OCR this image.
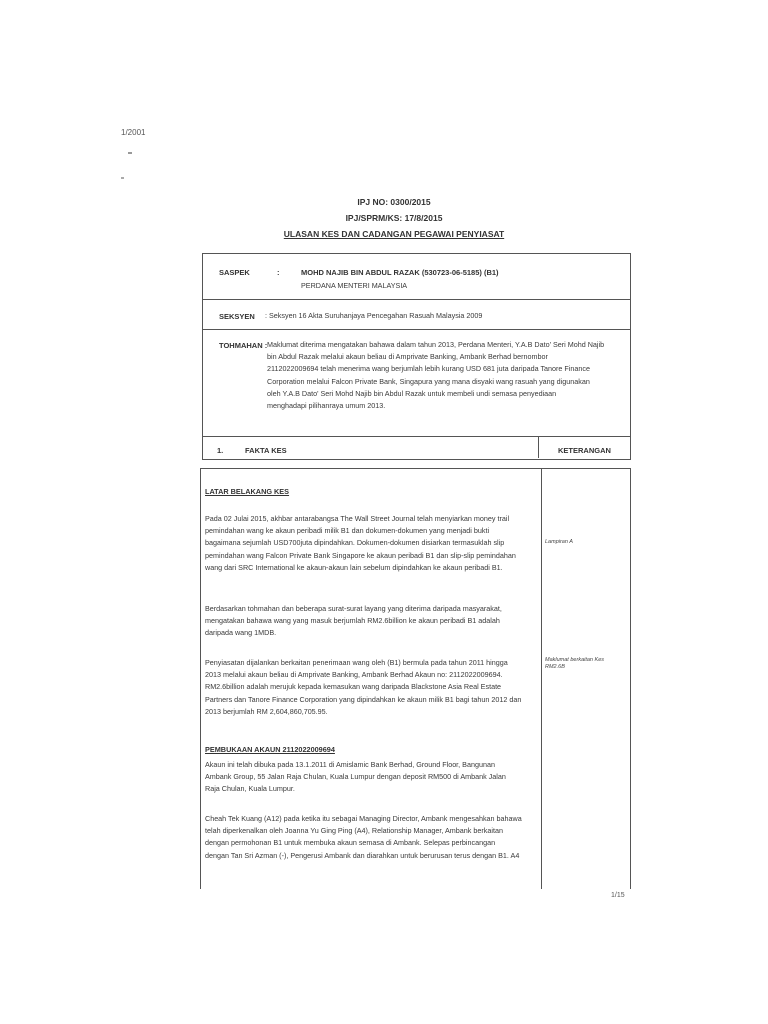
1/2001
IPJ NO: 0300/2015
IPJ/SPRM/KS: 17/8/2015
ULASAN KES DAN CADANGAN PEGAWAI PENYIASAT
SASPEK	:	MOHD NAJIB BIN ABDUL RAZAK (530723-06-5185) (B1)
PERDANA MENTERI MALAYSIA
SEKSYEN : Seksyen 16 Akta Suruhanjaya Pencegahan Rasuah Malaysia 2009
TOHMAHAN : Maklumat diterima mengatakan bahawa dalam tahun 2013, Perdana Menteri, Y.A.B Dato' Seri Mohd Najib
bin Abdul Razak melalui akaun beliau di Amprivate Banking, Ambank Berhad bernombor
2112022009694 telah menerima wang berjumlah lebih kurang USD 681 juta daripada Tanore Finance
Corporation melalui Falcon Private Bank, Singapura yang mana disyaki wang rasuah yang digunakan
oleh Y.A.B Dato' Seri Mohd Najib bin Abdul Razak untuk membeli undi semasa penyediaan
menghadapi pilihanraya umum 2013.
1.	FAKTA KES	KETERANGAN
LATAR BELAKANG KES
Pada 02 Julai 2015, akhbar antarabangsa The Wall Street Journal telah menyiarkan money trail
pemindahan wang ke akaun peribadi milik B1 dan dokumen-dokumen yang menjadi bukti
bagaimana sejumlah USD700juta dipindahkan. Dokumen-dokumen disiarkan termasuklah slip
pemindahan wang Falcon Private Bank Singapore ke akaun peribadi B1 dan slip-slip pemindahan
wang dari SRC International ke akaun-akaun lain sebelum dipindahkan ke akaun peribadi B1.
Lampiran A
Berdasarkan tohmahan dan beberapa surat-surat layang yang diterima daripada masyarakat,
mengatakan bahawa wang yang masuk berjumlah RM2.6billion ke akaun peribadi B1 adalah
daripada wang 1MDB.
Penyiasatan dijalankan berkaitan penerimaan wang oleh (B1) bermula pada tahun 2011 hingga
2013 melalui akaun beliau di Amprivate Banking, Ambank Berhad Akaun no: 2112022009694.
RM2.6billion adalah merujuk kepada kemasukan wang daripada Blackstone Asia Real Estate
Partners dan Tanore Finance Corporation yang dipindahkan ke akaun milik B1 bagi tahun 2012 dan
2013 berjumlah RM 2,604,860,705.95.
Maklumat berkaitan Kes RM2.6B
PEMBUKAAN AKAUN 2112022009694
Akaun ini telah dibuka pada 13.1.2011 di Amislamic Bank Berhad, Ground Floor, Bangunan
Ambank Group, 55 Jalan Raja Chulan, Kuala Lumpur dengan deposit RM500 di Ambank Jalan
Raja Chulan, Kuala Lumpur.
Cheah Tek Kuang (A12) pada ketika itu sebagai Managing Director, Ambank mengesahkan bahawa
telah diperkenalkan oleh Joanna Yu Ging Ping (A4), Relationship Manager, Ambank berkaitan
dengan permohonan B1 untuk membuka akaun semasa di Ambank. Selepas perbincangan
dengan Tan Sri Azman (-), Pengerusi Ambank dan diarahkan untuk berurusan terus dengan B1. A4
1/15
